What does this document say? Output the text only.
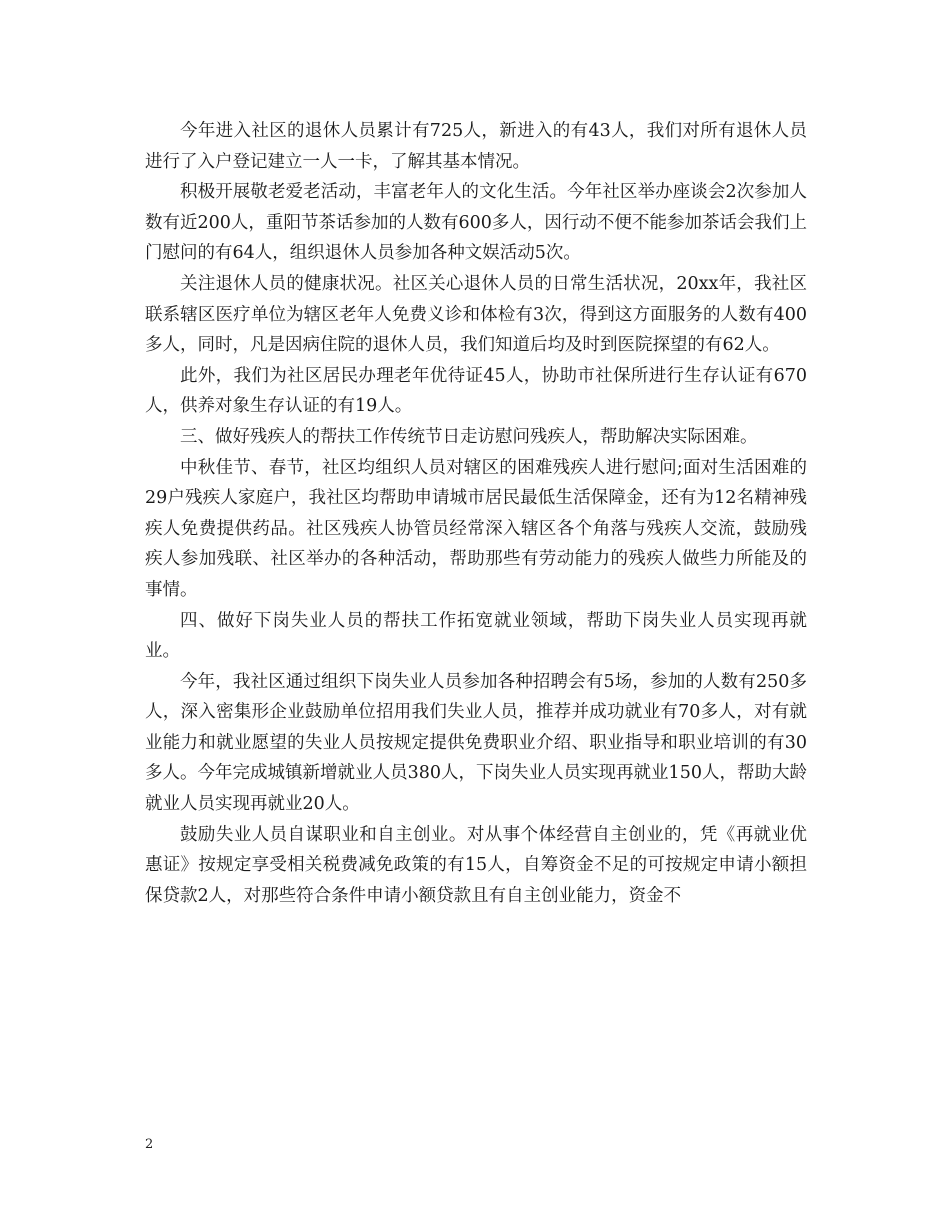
今年进入社区的退休人员累计有725人，新进入的有43人，我们对所有退休人员进行了入户登记建立一人一卡，了解其基本情况。

积极开展敬老爱老活动，丰富老年人的文化生活。今年社区举办座谈会2次参加人数有近200人，重阳节茶话参加的人数有600多人，因行动不便不能参加茶话会我们上门慰问的有64人，组织退休人员参加各种文娱活动5次。

关注退休人员的健康状况。社区关心退休人员的日常生活状况，20xx年，我社区联系辖区医疗单位为辖区老年人免费义诊和体检有3次，得到这方面服务的人数有400多人，同时，凡是因病住院的退休人员，我们知道后均及时到医院探望的有62人。

此外，我们为社区居民办理老年优待证45人，协助市社保所进行生存认证有670人，供养对象生存认证的有19人。

三、做好残疾人的帮扶工作传统节日走访慰问残疾人，帮助解决实际困难。

中秋佳节、春节，社区均组织人员对辖区的困难残疾人进行慰问;面对生活困难的29户残疾人家庭户，我社区均帮助申请城市居民最低生活保障金，还有为12名精神残疾人免费提供药品。社区残疾人协管员经常深入辖区各个角落与残疾人交流，鼓励残疾人参加残联、社区举办的各种活动，帮助那些有劳动能力的残疾人做些力所能及的事情。

四、做好下岗失业人员的帮扶工作拓宽就业领域，帮助下岗失业人员实现再就业。

今年，我社区通过组织下岗失业人员参加各种招聘会有5场，参加的人数有250多人，深入密集形企业鼓励单位招用我们失业人员，推荐并成功就业有70多人，对有就业能力和就业愿望的失业人员按规定提供免费职业介绍、职业指导和职业培训的有30多人。今年完成城镇新增就业人员380人，下岗失业人员实现再就业150人，帮助大龄就业人员实现再就业20人。

鼓励失业人员自谋职业和自主创业。对从事个体经营自主创业的，凭《再就业优惠证》按规定享受相关税费减免政策的有15人，自筹资金不足的可按规定申请小额担保贷款2人，对那些符合条件申请小额贷款且有自主创业能力，资金不

2
